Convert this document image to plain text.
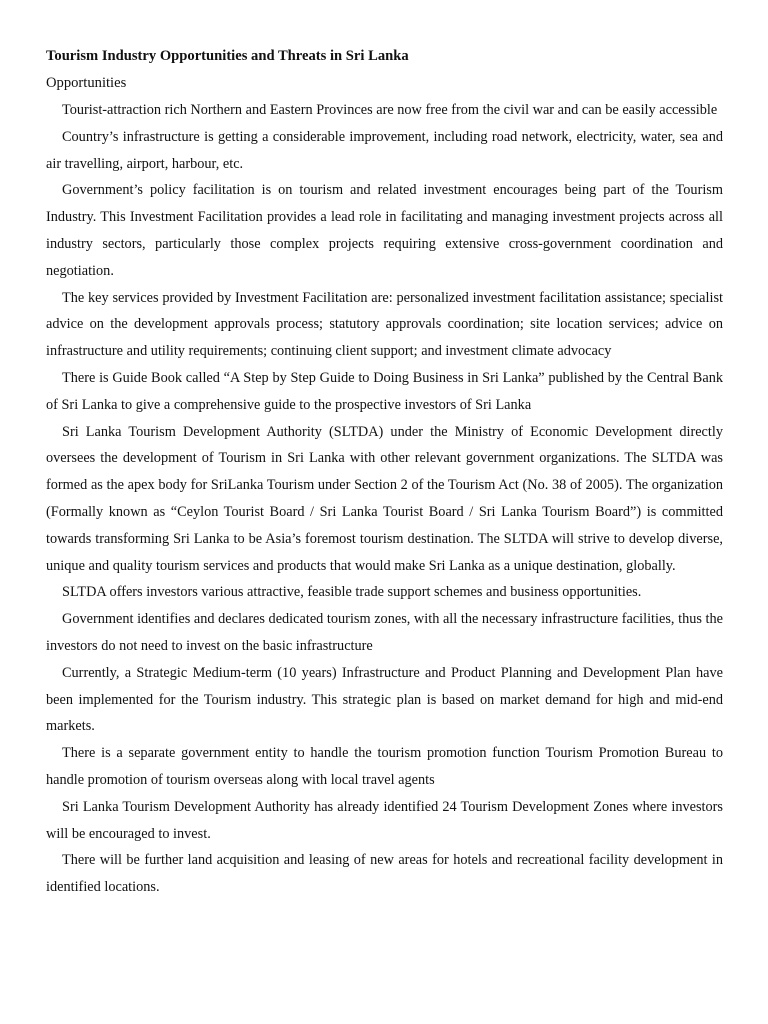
Tourism Industry Opportunities and Threats in Sri Lanka

Opportunities

Tourist-attraction rich Northern and Eastern Provinces are now free from the civil war and can be easily accessible

Country’s infrastructure is getting a considerable improvement, including road network, electricity, water, sea and air travelling, airport, harbour, etc.

Government’s policy facilitation is on tourism and related investment encourages being part of the Tourism Industry. This Investment Facilitation provides a lead role in facilitating and managing investment projects across all industry sectors, particularly those complex projects requiring extensive cross-government coordination and negotiation.

The key services provided by Investment Facilitation are: personalized investment facilitation assistance; specialist advice on the development approvals process; statutory approvals coordination; site location services; advice on infrastructure and utility requirements; continuing client support; and investment climate advocacy

There is Guide Book called “A Step by Step Guide to Doing Business in Sri Lanka” published by the Central Bank of Sri Lanka to give a comprehensive guide to the prospective investors of Sri Lanka

Sri Lanka Tourism Development Authority (SLTDA) under the Ministry of Economic Development directly oversees the development of Tourism in Sri Lanka with other relevant government organizations. The SLTDA was formed as the apex body for SriLanka Tourism under Section 2 of the Tourism Act (No. 38 of 2005). The organization (Formally known as “Ceylon Tourist Board / Sri Lanka Tourist Board / Sri Lanka Tourism Board”) is committed towards transforming Sri Lanka to be Asia’s foremost tourism destination. The SLTDA will strive to develop diverse, unique and quality tourism services and products that would make Sri Lanka as a unique destination, globally.

SLTDA offers investors various attractive, feasible trade support schemes and business opportunities.

Government identifies and declares dedicated tourism zones, with all the necessary infrastructure facilities, thus the investors do not need to invest on the basic infrastructure

Currently, a Strategic Medium-term (10 years) Infrastructure and Product Planning and Development Plan have been implemented for the Tourism industry. This strategic plan is based on market demand for high and mid-end markets.

There is a separate government entity to handle the tourism promotion function Tourism Promotion Bureau to handle promotion of tourism overseas along with local travel agents

Sri Lanka Tourism Development Authority has already identified 24 Tourism Development Zones where investors will be encouraged to invest.

There will be further land acquisition and leasing of new areas for hotels and recreational facility development in identified locations.
